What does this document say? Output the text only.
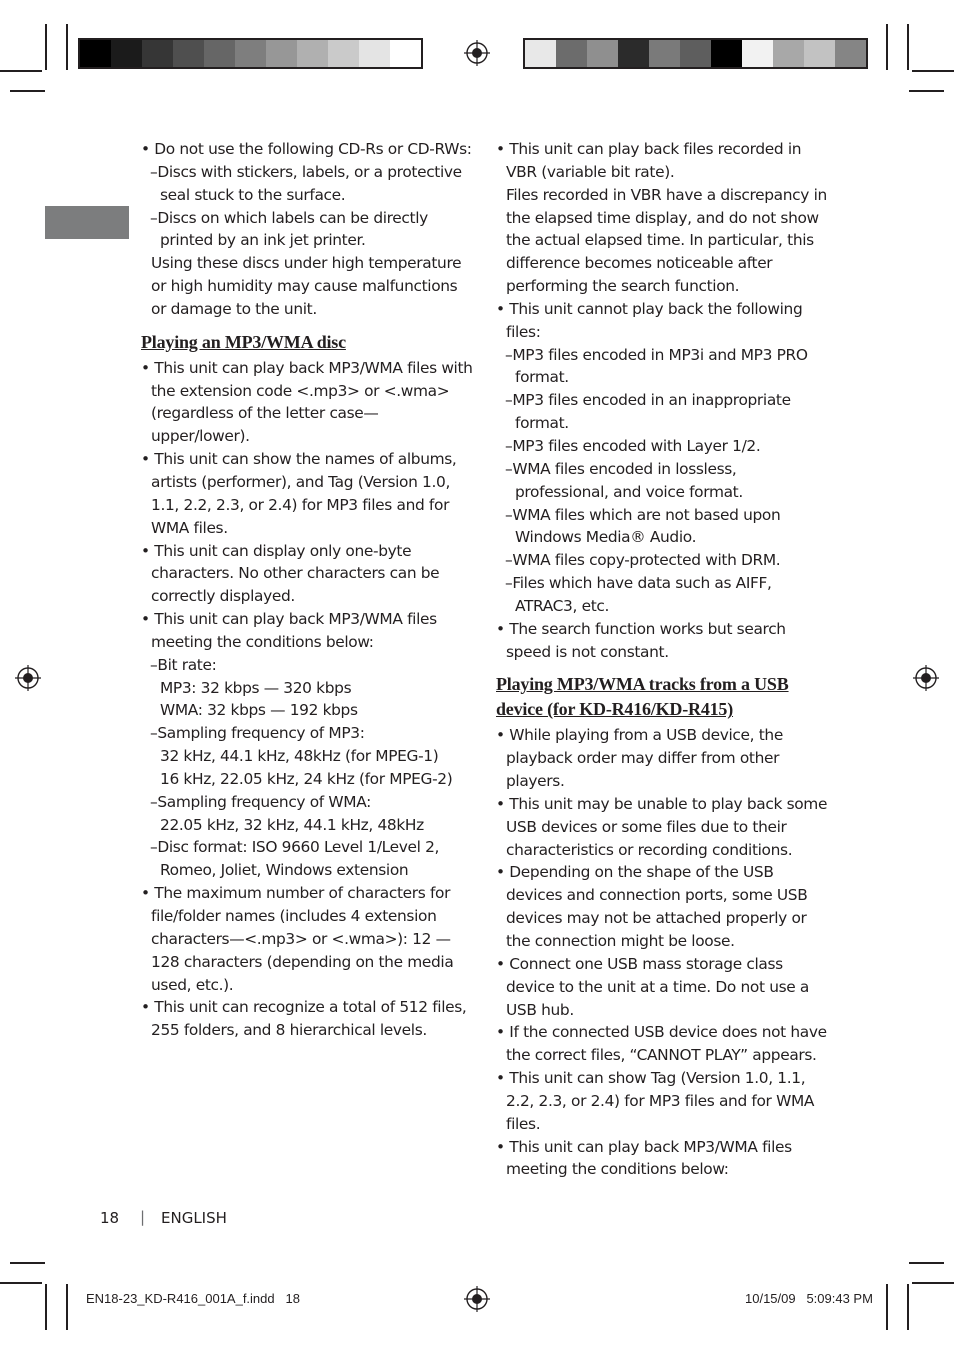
• Do not use the following CD-Rs or CD-RWs:

– Discs with stickers, labels, or a protective seal stuck to the surface.

– Discs on which labels can be directly printed by an ink jet printer.

Using these discs under high temperature or high humidity may cause malfunctions or damage to the unit.

Playing an MP3/WMA disc

• This unit can play back MP3/WMA files with the extension code <.mp3> or <.wma> (regardless of the letter case—upper/lower).

• This unit can show the names of albums, artists (performer), and Tag (Version 1.0, 1.1, 2.2, 2.3, or 2.4) for MP3 files and for WMA files.

• This unit can display only one-byte characters. No other characters can be correctly displayed.

• This unit can play back MP3/WMA files meeting the conditions below:

– Bit rate:

MP3: 32 kbps — 320 kbps

WMA: 32 kbps — 192 kbps

– Sampling frequency of MP3:

32 kHz, 44.1 kHz, 48kHz (for MPEG-1)

16 kHz, 22.05 kHz, 24 kHz (for MPEG-2)

– Sampling frequency of WMA:

22.05 kHz, 32 kHz, 44.1 kHz, 48kHz

– Disc format: ISO 9660 Level 1/Level 2, Romeo, Joliet, Windows extension

• The maximum number of characters for file/folder names (includes 4 extension characters—<.mp3> or <.wma>): 12 — 128 characters (depending on the media used, etc.).

• This unit can recognize a total of 512 files, 255 folders, and 8 hierarchical levels.

• This unit can play back files recorded in VBR (variable bit rate).

Files recorded in VBR have a discrepancy in the elapsed time display, and do not show the actual elapsed time. In particular, this difference becomes noticeable after performing the search function.

• This unit cannot play back the following files:

– MP3 files encoded in MP3i and MP3 PRO format.

– MP3 files encoded in an inappropriate format.

– MP3 files encoded with Layer 1/2.

– WMA files encoded in lossless, professional, and voice format.

– WMA files which are not based upon Windows Media® Audio.

– WMA files copy-protected with DRM.

– Files which have data such as AIFF, ATRAC3, etc.

• The search function works but search speed is not constant.

Playing MP3/WMA tracks from a USB device (for KD-R416/KD-R415)

• While playing from a USB device, the playback order may differ from other players.

• This unit may be unable to play back some USB devices or some files due to their characteristics or recording conditions.

• Depending on the shape of the USB devices and connection ports, some USB devices may not be attached properly or the connection might be loose.

• Connect one USB mass storage class device to the unit at a time. Do not use a USB hub.

• If the connected USB device does not have the correct files, “CANNOT PLAY” appears.

• This unit can show Tag (Version 1.0, 1.1, 2.2, 2.3, or 2.4) for MP3 files and for WMA files.

• This unit can play back MP3/WMA files meeting the conditions below:

18 | ENGLISH
EN18-23_KD-R416_001A_f.indd   18	10/15/09   5:09:43 PM
